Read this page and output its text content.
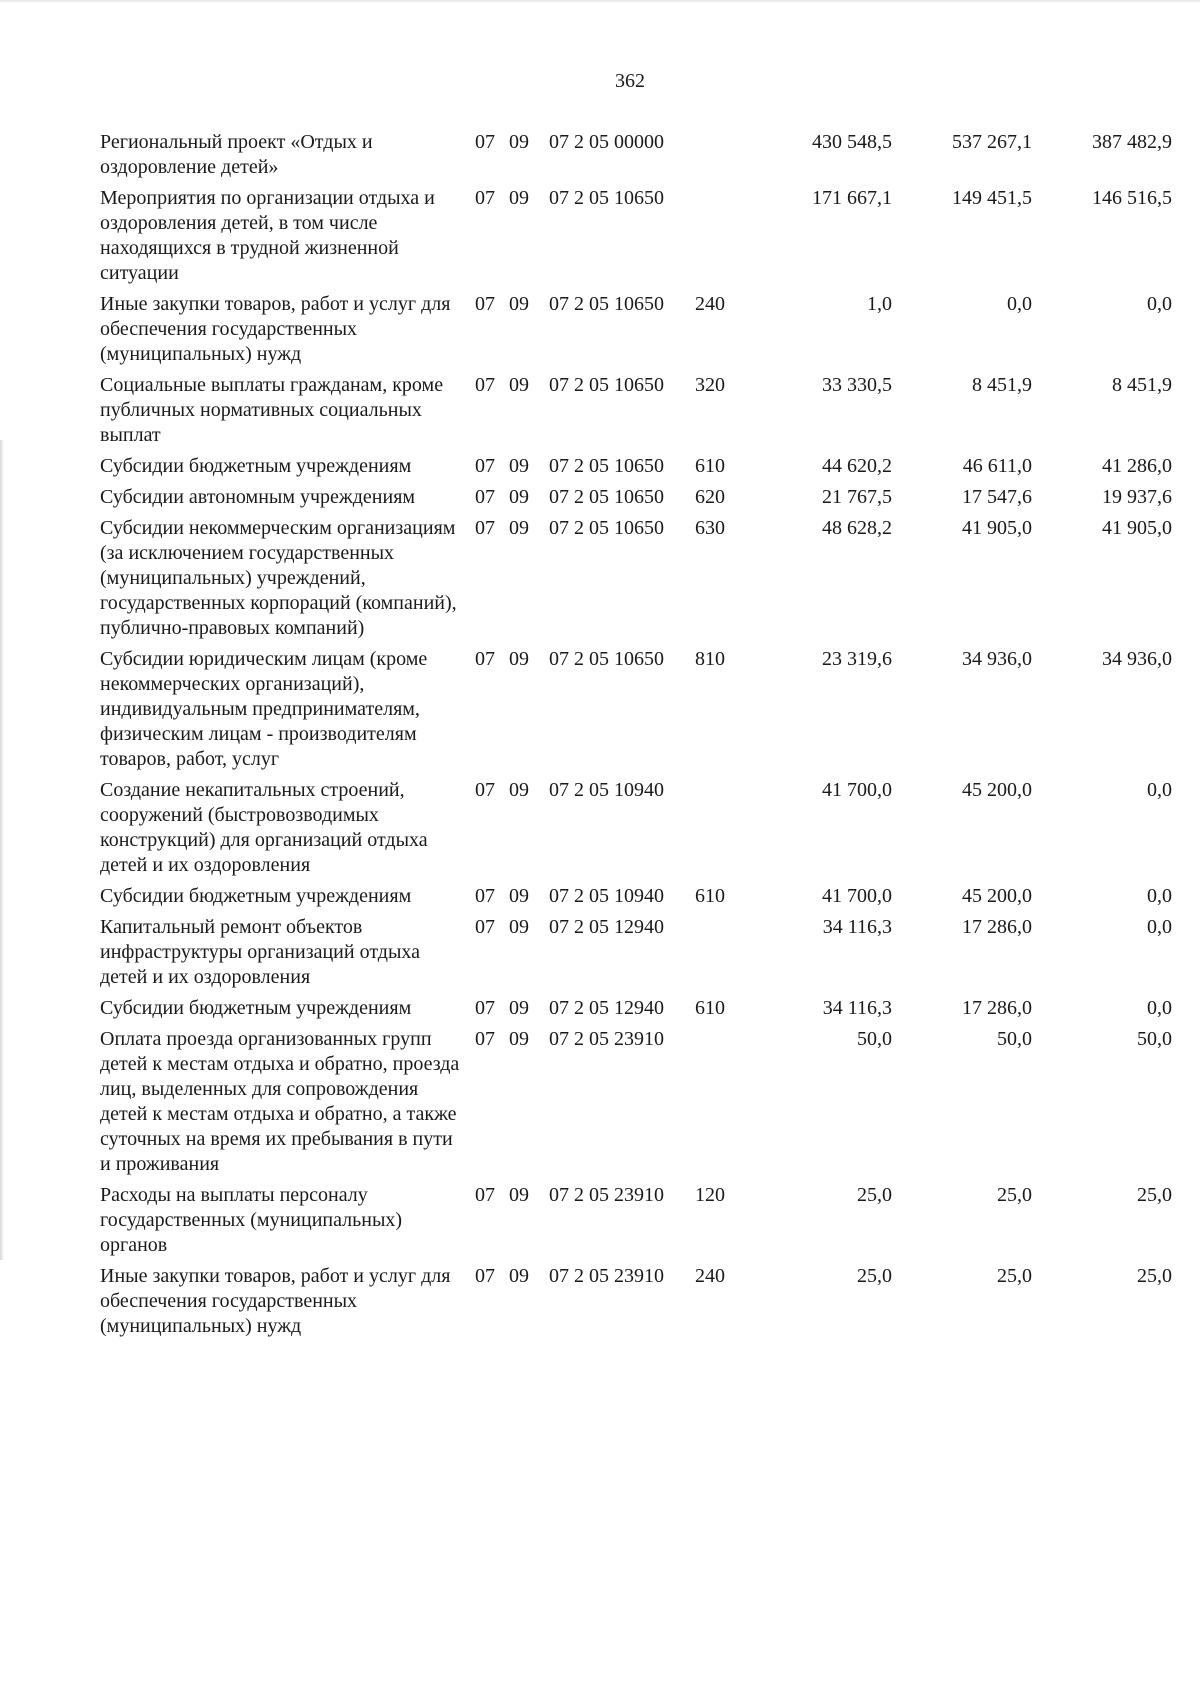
362
Региональный проект «Отдых и оздоровление детей»	07	09	07 2 05 00000		430 548,5	537 267,1	387 482,9
Мероприятия по организации отдыха и оздоровления детей, в том числе находящихся в трудной жизненной ситуации	07	09	07 2 05 10650		171 667,1	149 451,5	146 516,5
Иные закупки товаров, работ и услуг для обеспечения государственных (муниципальных) нужд	07	09	07 2 05 10650	240	1,0	0,0	0,0
Социальные выплаты гражданам, кроме публичных нормативных социальных выплат	07	09	07 2 05 10650	320	33 330,5	8 451,9	8 451,9
Субсидии бюджетным учреждениям	07	09	07 2 05 10650	610	44 620,2	46 611,0	41 286,0
Субсидии автономным учреждениям	07	09	07 2 05 10650	620	21 767,5	17 547,6	19 937,6
Субсидии некоммерческим организациям (за исключением государственных (муниципальных) учреждений, государственных корпораций (компаний), публично-правовых компаний)	07	09	07 2 05 10650	630	48 628,2	41 905,0	41 905,0
Субсидии юридическим лицам (кроме некоммерческих организаций), индивидуальным предпринимателям, физическим лицам - производителям товаров, работ, услуг	07	09	07 2 05 10650	810	23 319,6	34 936,0	34 936,0
Создание некапитальных строений, сооружений (быстровозводимых конструкций) для организаций отдыха детей и их оздоровления	07	09	07 2 05 10940		41 700,0	45 200,0	0,0
Субсидии бюджетным учреждениям	07	09	07 2 05 10940	610	41 700,0	45 200,0	0,0
Капитальный ремонт объектов инфраструктуры организаций отдыха детей и их оздоровления	07	09	07 2 05 12940		34 116,3	17 286,0	0,0
Субсидии бюджетным учреждениям	07	09	07 2 05 12940	610	34 116,3	17 286,0	0,0
Оплата проезда организованных групп детей к местам отдыха и обратно, проезда лиц, выделенных для сопровождения детей к местам отдыха и обратно, а также суточных на время их пребывания в пути и проживания	07	09	07 2 05 23910		50,0	50,0	50,0
Расходы на выплаты персоналу государственных (муниципальных) органов	07	09	07 2 05 23910	120	25,0	25,0	25,0
Иные закупки товаров, работ и услуг для обеспечения государственных (муниципальных) нужд	07	09	07 2 05 23910	240	25,0	25,0	25,0
